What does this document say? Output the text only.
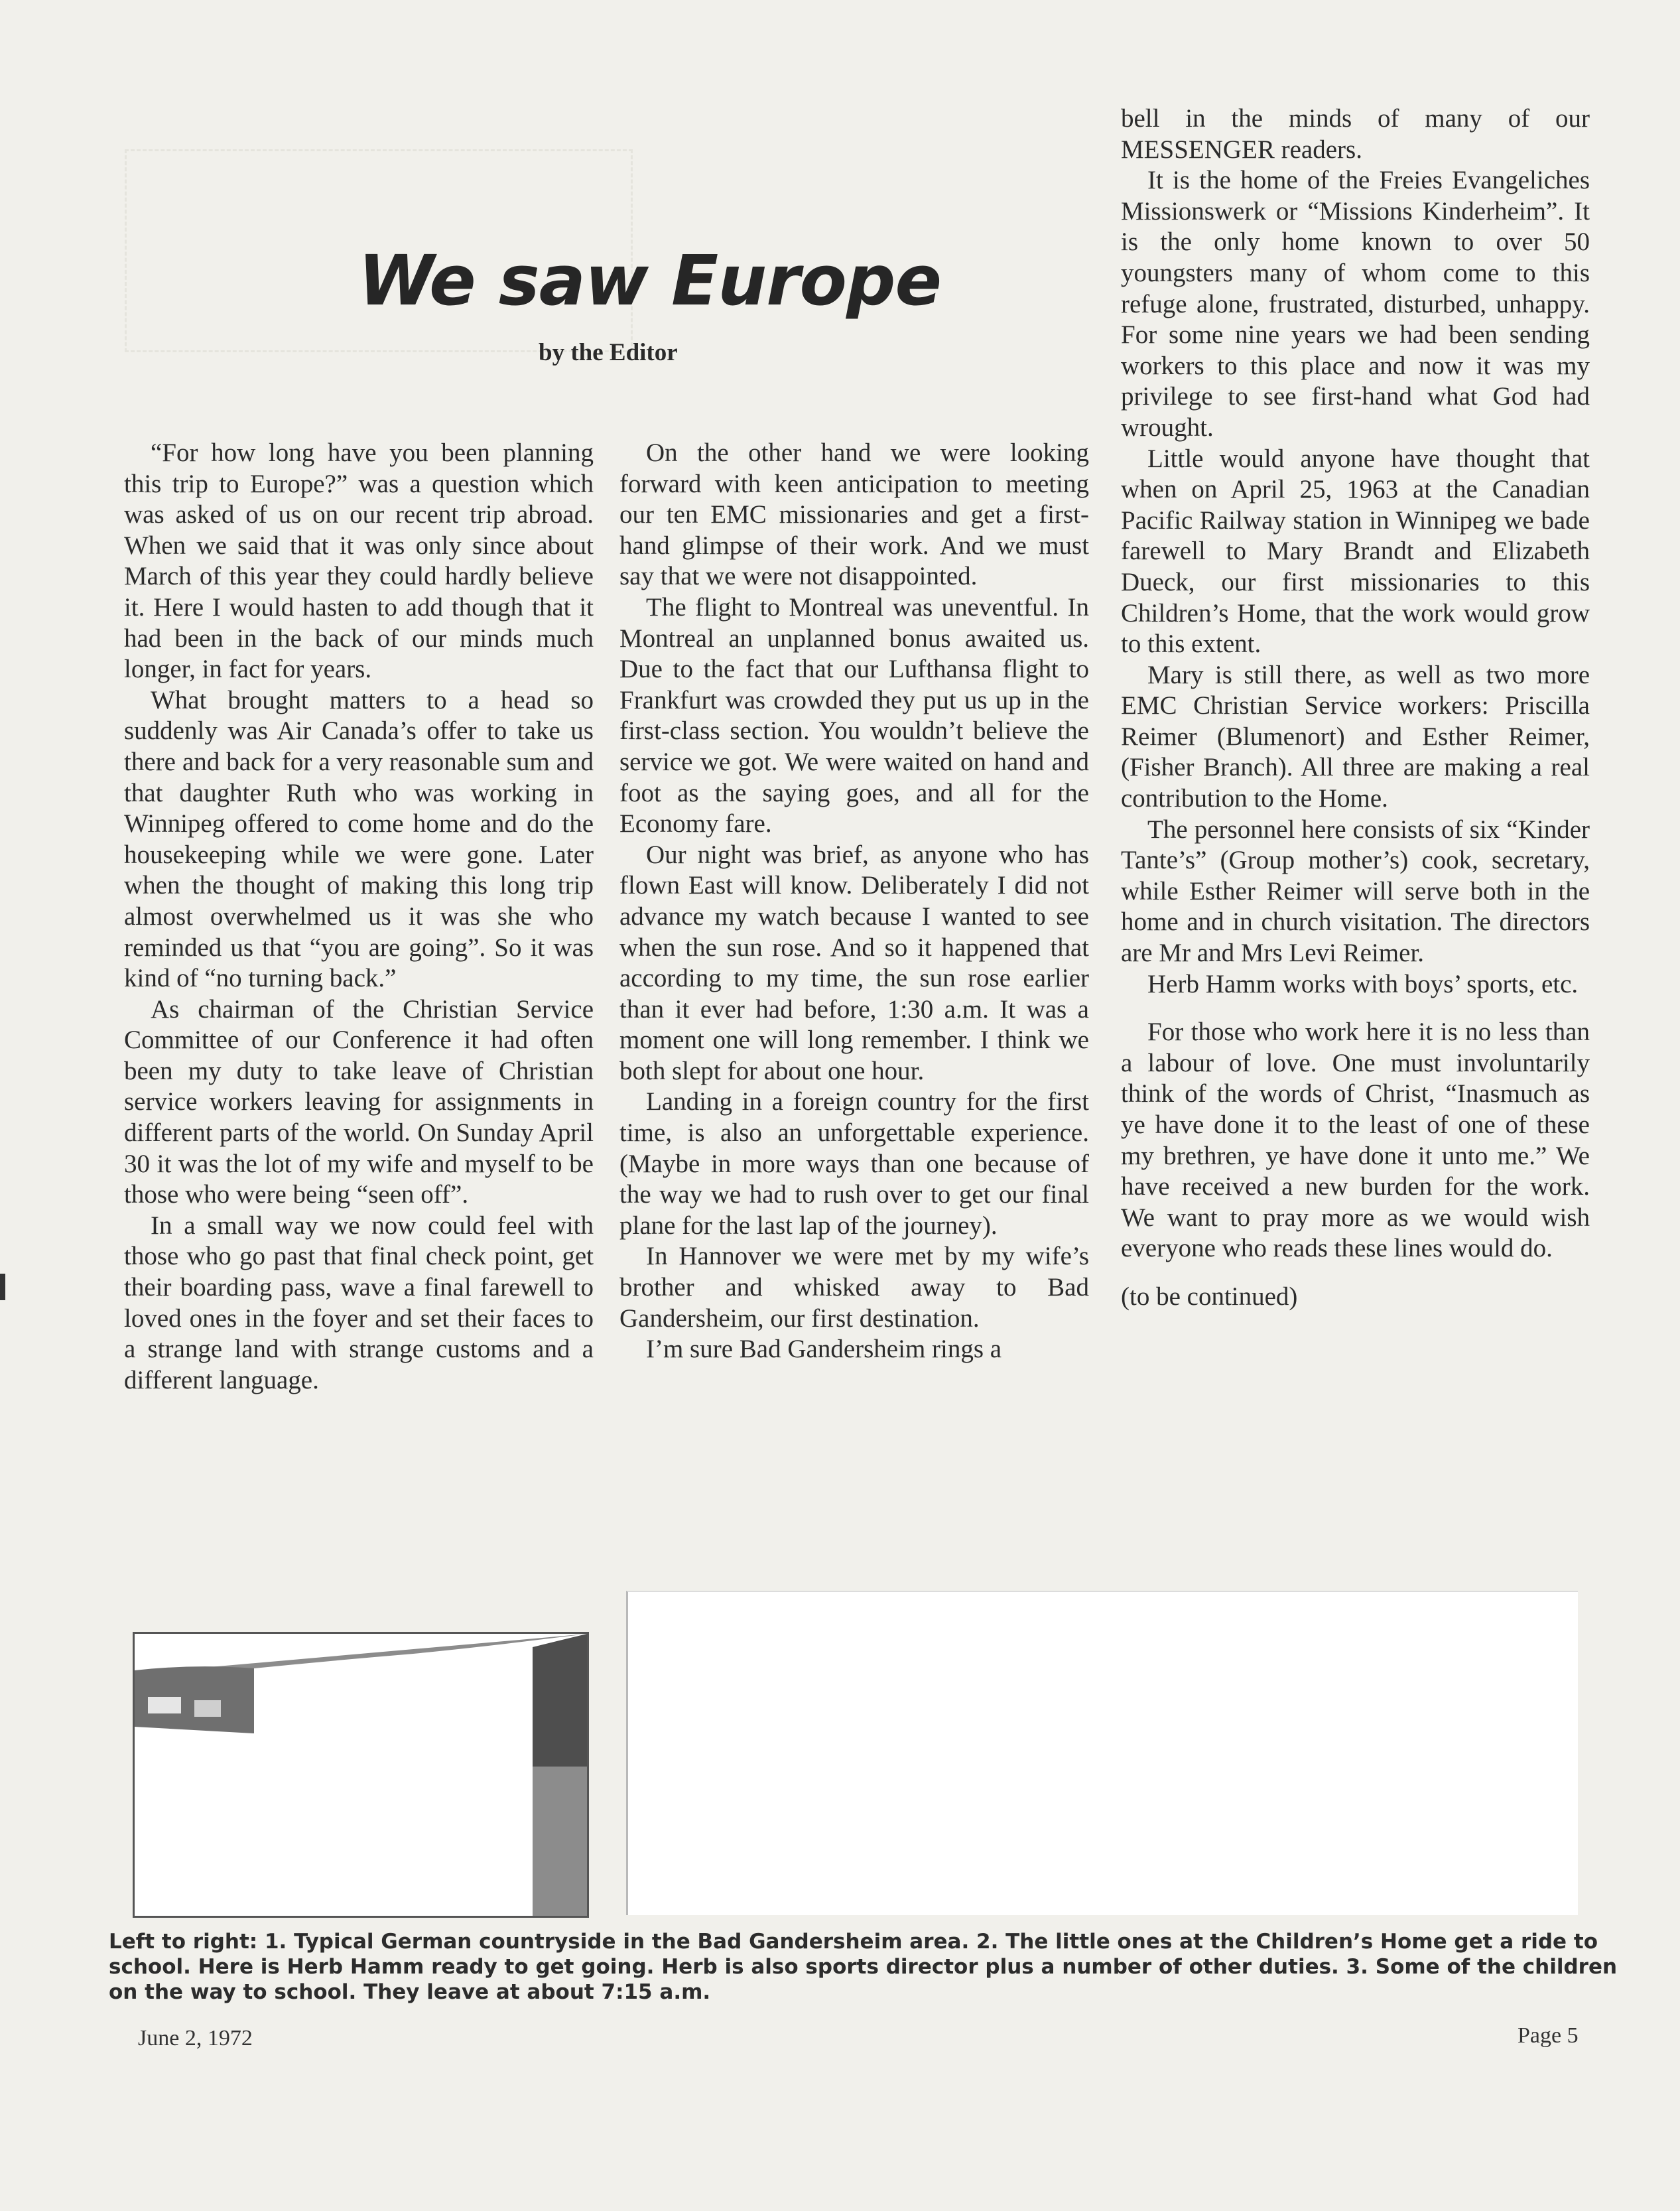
We saw Europe
by the Editor

“For how long have you been planning this trip to Europe?” was a question which was asked of us on our recent trip abroad. When we said that it was only since about March of this year they could hardly believe it. Here I would hasten to add though that it had been in the back of our minds much longer, in fact for years.

What brought matters to a head so suddenly was Air Canada’s offer to take us there and back for a very reasonable sum and that daughter Ruth who was working in Winnipeg offered to come home and do the housekeeping while we were gone. Later when the thought of making this long trip almost overwhelmed us it was she who reminded us that “you are going”. So it was kind of “no turning back.”

As chairman of the Christian Service Committee of our Conference it had often been my duty to take leave of Christian service workers leaving for assignments in different parts of the world. On Sunday April 30 it was the lot of my wife and myself to be those who were being “seen off”.

In a small way we now could feel with those who go past that final check point, get their boarding pass, wave a final farewell to loved ones in the foyer and set their faces to a strange land with strange customs and a different language.

On the other hand we were looking forward with keen anticipation to meeting our ten EMC missionaries and get a first-hand glimpse of their work. And we must say that we were not disappointed.

The flight to Montreal was uneventful. In Montreal an unplanned bonus awaited us. Due to the fact that our Lufthansa flight to Frankfurt was crowded they put us up in the first-class section. You wouldn’t believe the service we got. We were waited on hand and foot as the saying goes, and all for the Economy fare.

Our night was brief, as anyone who has flown East will know. Deliberately I did not advance my watch because I wanted to see when the sun rose. And so it happened that according to my time, the sun rose earlier than it ever had before, 1:30 a.m. It was a moment one will long remember. I think we both slept for about one hour.

Landing in a foreign country for the first time, is also an unforgettable experience. (Maybe in more ways than one because of the way we had to rush over to get our final plane for the last lap of the journey).

In Hannover we were met by my wife’s brother and whisked away to Bad Gandersheim, our first destination.

I’m sure Bad Gandersheim rings a

bell in the minds of many of our MESSENGER readers.

It is the home of the Freies Evangeliches Missionswerk or “Missions Kinderheim”. It is the only home known to over 50 youngsters many of whom come to this refuge alone, frustrated, disturbed, unhappy. For some nine years we had been sending workers to this place and now it was my privilege to see first-hand what God had wrought.

Little would anyone have thought that when on April 25, 1963 at the Canadian Pacific Railway station in Winnipeg we bade farewell to Mary Brandt and Elizabeth Dueck, our first missionaries to this Children’s Home, that the work would grow to this extent.

Mary is still there, as well as two more EMC Christian Service workers: Priscilla Reimer (Blumenort) and Esther Reimer, (Fisher Branch). All three are making a real contribution to the Home.

The personnel here consists of six “Kinder Tante’s” (Group mother’s) cook, secretary, while Esther Reimer will serve both in the home and in church visitation. The directors are Mr and Mrs Levi Reimer.

Herb Hamm works with boys’ sports, etc.

For those who work here it is no less than a labour of love. One must involuntarily think of the words of Christ, “Inasmuch as ye have done it to the least of one of these my brethren, ye have done it unto me.” We have received a new burden for the work. We want to pray more as we would wish everyone who reads these lines would do.

(to be continued)

Left to right: 1. Typical German countryside in the Bad Gandersheim area. 2. The little ones at the Children’s Home get a ride to school. Here is Herb Hamm ready to get going. Herb is also sports director plus a number of other duties. 3. Some of the children on the way to school. They leave at about 7:15 a.m.
June 2, 1972	Page 5
